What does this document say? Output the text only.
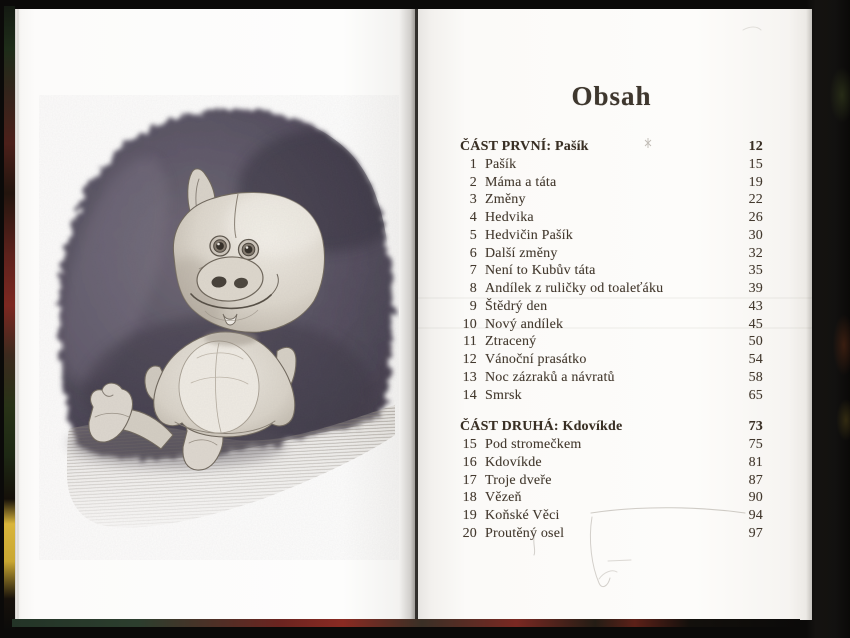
Obsah
ČÁST PRVNÍ: Pašík	12
1 Pašík	15
2 Máma a táta	19
3 Změny	22
4 Hedvika	26
5 Hedvičin Pašík	30
6 Další změny	32
7 Není to Kubův táta	35
8 Andílek z ruličky od toaleťáku	39
9 Štědrý den	43
10 Nový andílek	45
11 Ztracený	50
12 Vánoční prasátko	54
13 Noc zázraků a návratů	58
14 Smrsk	65
ČÁST DRUHÁ: Kdovíkde	73
15 Pod stromečkem	75
16 Kdovíkde	81
17 Troje dveře	87
18 Vězeň	90
19 Koňské Věci	94
20 Proutěný osel	97
